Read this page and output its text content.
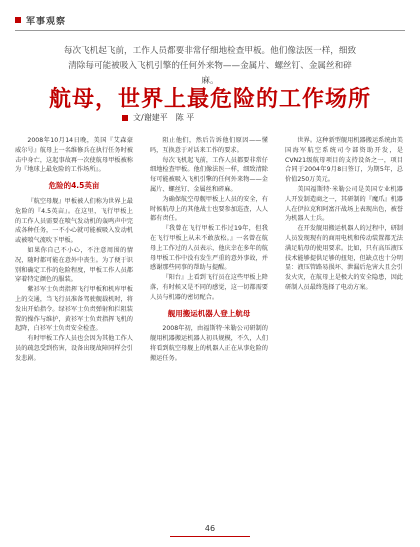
军事观察
每次飞机起飞前，工作人员都要非常仔细地检查甲板。他们像法医一样，细致清除每可能被吸入飞机引擎的任何外来物——金属片、螺丝钉、金属丝和碎麻。
航母，世界上最危险的工作场所
文/谢建平 陈 平

2008年10月14日晚，美国『艾森豪威尔号』航母上一名维修兵在执行任务时被击中身亡，这起事故再一次使航母甲板被称为『地球上最危险的工作场所』。

危险的4.5英亩

『航空母舰』甲板被人们称为世界上最危险的『4.5英亩』。在这里，飞行甲板上的工作人员需要在喷气发动机的轰鸣声中完成各种任务，一不小心就可能被吸入发动机或被喷气流吹下甲板。

如果你自己不小心，不注意周围的情况，随时都可能在意外中丧生。为了便于识别和确定工作的危险程度，甲板工作人员都穿着特定颜色的服装。

紫衫军士负责指挥飞行甲板和机库甲板上的交通，当飞行员准备驾驶舰载机时，将发出开始指令。绿衫军士负责弹射和拦阻装置的操作与维护，黄衫军士负责指挥飞机的起降，白衫军士负责安全检查。

有时甲板工作人员也会因为其他工作人员的疏忽受到伤害，设备出现故障同样会引发悲剧。

阻止他们，然后告诉他们原因——懂吗，互换意于对话来工作的要求。

每次飞机起飞前，工作人员都要非常仔细地检查甲板。他们像法医一样，细致清除每可能被吸入飞机引擎的任何外来物——金属片、螺丝钉、金属丝和碎麻。

为确保航空母舰甲板上人员的安全，有时候航母上的其他战士也要参加巡查，人人都有责任。

『我曾在飞行甲板工作过19年，但我在飞行甲板上从未不敢放松。』一名曾在航母上工作过的人员表示，他庆幸在多年的航母甲板工作中没有发生严重的意外事故，并感谢那些同事的帮助与提醒。

『阳台』上看到飞行员在这些甲板上降落，有时候又是不同的感觉，这一切都需要人员与机器的密切配合。

舰用搬运机器人登上航母

2008年初，由福斯特·米勒公司研制的舰用机器搬运机器人初具规模，不久，人们将看到航空母舰上的机器人正在从事危险的搬运任务。

世界。这种新型舰用机器搬运系统由美国海军航空系统司令部资助开发，是CVN21级航母项目的支持设备之一，项目合同于2004年9月8日签订，为期5年，总价值250万美元。

美国福斯特·米勒公司是美国专业机器人开发制造商之一，其研制的『魔爪』机器人在伊拉克和阿富汗战场上表现出色，被誉为机器人士兵。

在开发舰用搬运机器人的过程中，研制人员发现现有的商用电机和传动装置都无法满足航母的使用要求。比如，只有高压液压技术能够提供足够的扭矩，但缺点也十分明显：液压管路易损坏、泄漏后危害大且会引发火灾，在航母上是极大的安全隐患，因此研制人员最终选择了电动方案。

46
